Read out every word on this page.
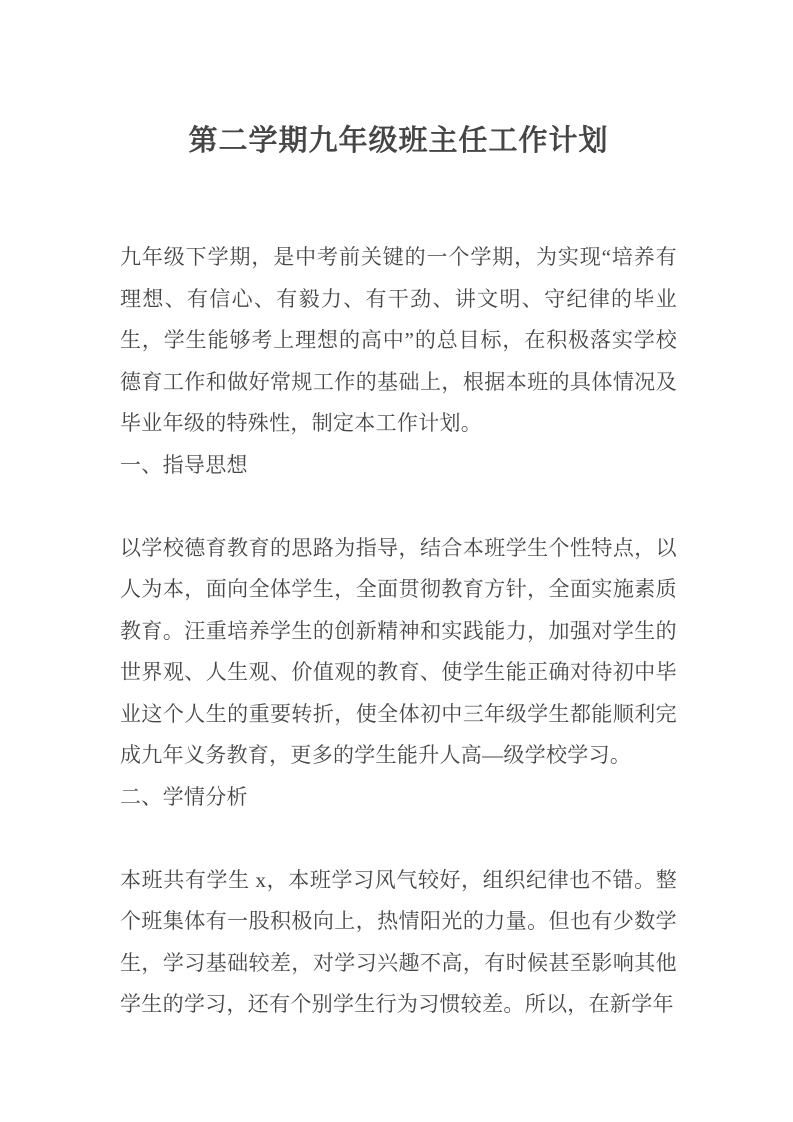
第二学期九年级班主任工作计划

九年级下学期，是中考前关键的一个学期，为实现“培养有理想、有信心、有毅力、有干劲、讲文明、守纪律的毕业生，学生能够考上理想的高中”的总目标，在积极落实学校德育工作和做好常规工作的基础上，根据本班的具体情况及毕业年级的特殊性，制定本工作计划。

一、指导思想

以学校德育教育的思路为指导，结合本班学生个性特点，以人为本，面向全体学生，全面贯彻教育方针，全面实施素质教育。汪重培养学生的创新精神和实践能力，加强对学生的世界观、人生观、价值观的教育、使学生能正确对待初中毕业这个人生的重要转折，使全体初中三年级学生都能顺利完成九年义务教育，更多的学生能升人高—级学校学习。

二、学情分析

本班共有学生 x，本班学习风气较好，组织纪律也不错。整个班集体有一股积极向上，热情阳光的力量。但也有少数学生，学习基础较差，对学习兴趣不高，有时候甚至影响其他学生的学习，还有个别学生行为习惯较差。所以，在新学年
